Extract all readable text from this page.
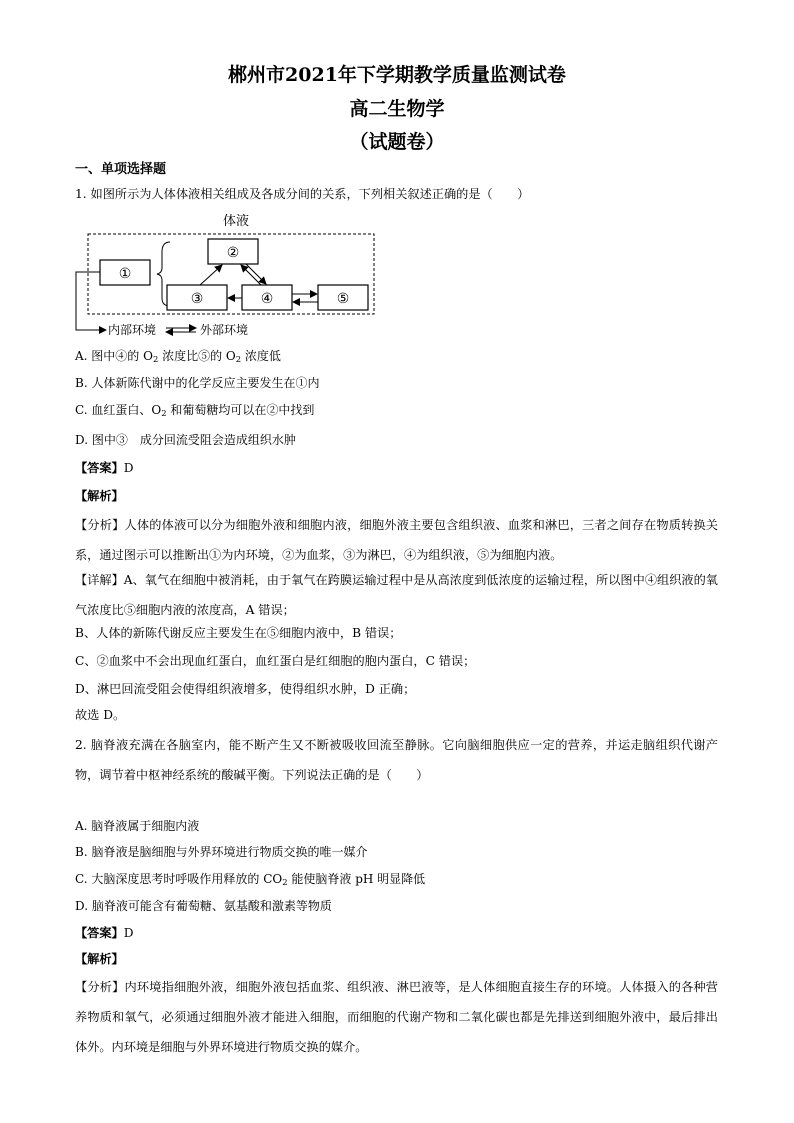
郴州市2021年下学期教学质量监测试卷
高二生物学
（试题卷）
一、单项选择题
1. 如图所示为人体体液相关组成及各成分间的关系，下列相关叙述正确的是（　　）
体液
①
②
③	④	⑤
内部环境	外部环境
A. 图中④的 $O_2$ 浓度比⑤的 $O_2$ 浓度低
B. 人体新陈代谢中的化学反应主要发生在①内
C. 血红蛋白、$O_2$ 和葡萄糖均可以在②中找到
D. 图中③　成分回流受阻会造成组织水肿
【答案】D
【解析】
【分析】人体的体液可以分为细胞外液和细胞内液，细胞外液主要包含组织液、血浆和淋巴，三者之间存在物质转换关系，通过图示可以推断出①为内环境，②为血浆，③为淋巴，④为组织液，⑤为细胞内液。
【详解】A、氧气在细胞中被消耗，由于氧气在跨膜运输过程中是从高浓度到低浓度的运输过程，所以图中④组织液的氧气浓度比⑤细胞内液的浓度高，A 错误；
B、人体的新陈代谢反应主要发生在⑤细胞内液中，B 错误；
C、②血浆中不会出现血红蛋白，血红蛋白是红细胞的胞内蛋白，C 错误；
D、淋巴回流受阻会使得组织液增多，使得组织水肿，D 正确；
故选 D。
2. 脑脊液充满在各脑室内，能不断产生又不断被吸收回流至静脉。它向脑细胞供应一定的营养，并运走脑组织代谢产物，调节着中枢神经系统的酸碱平衡。下列说法正确的是（　　）
A. 脑脊液属于细胞内液
B. 脑脊液是脑细胞与外界环境进行物质交换的唯一媒介
C. 大脑深度思考时呼吸作用释放的 $CO_2$ 能使脑脊液 pH 明显降低
D. 脑脊液可能含有葡萄糖、氨基酸和激素等物质
【答案】D
【解析】
【分析】内环境指细胞外液，细胞外液包括血浆、组织液、淋巴液等，是人体细胞直接生存的环境。人体摄入的各种营养物质和氧气，必须通过细胞外液才能进入细胞，而细胞的代谢产物和二氧化碳也都是先排送到细胞外液中，最后排出体外。内环境是细胞与外界环境进行物质交换的媒介。
